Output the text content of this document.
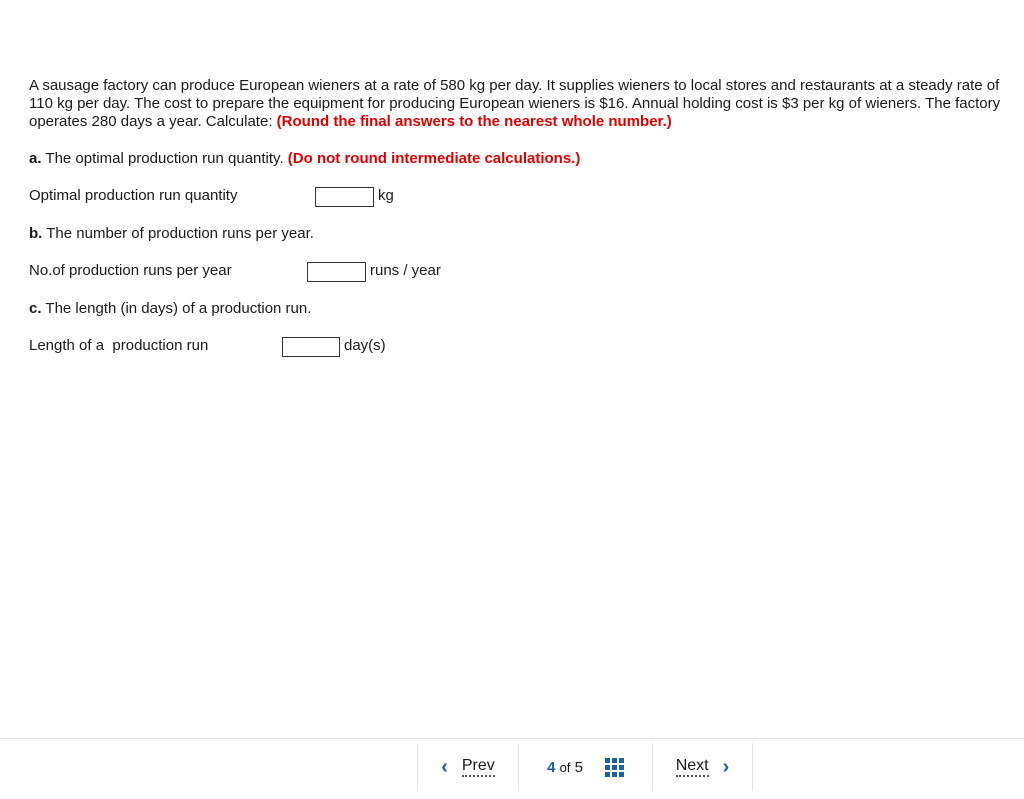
A sausage factory can produce European wieners at a rate of 580 kg per day. It supplies wieners to local stores and restaurants at a steady rate of 110 kg per day. The cost to prepare the equipment for producing European wieners is $16. Annual holding cost is $3 per kg of wieners. The factory operates 280 days a year. Calculate: (Round the final answers to the nearest whole number.)
a. The optimal production run quantity. (Do not round intermediate calculations.)
Optimal production run quantity	kg
b. The number of production runs per year.
No.of production runs per year	runs / year
c. The length (in days) of a production run.
Length of a  production run	day(s)
‹ Prev	4 of 5	Next ›
